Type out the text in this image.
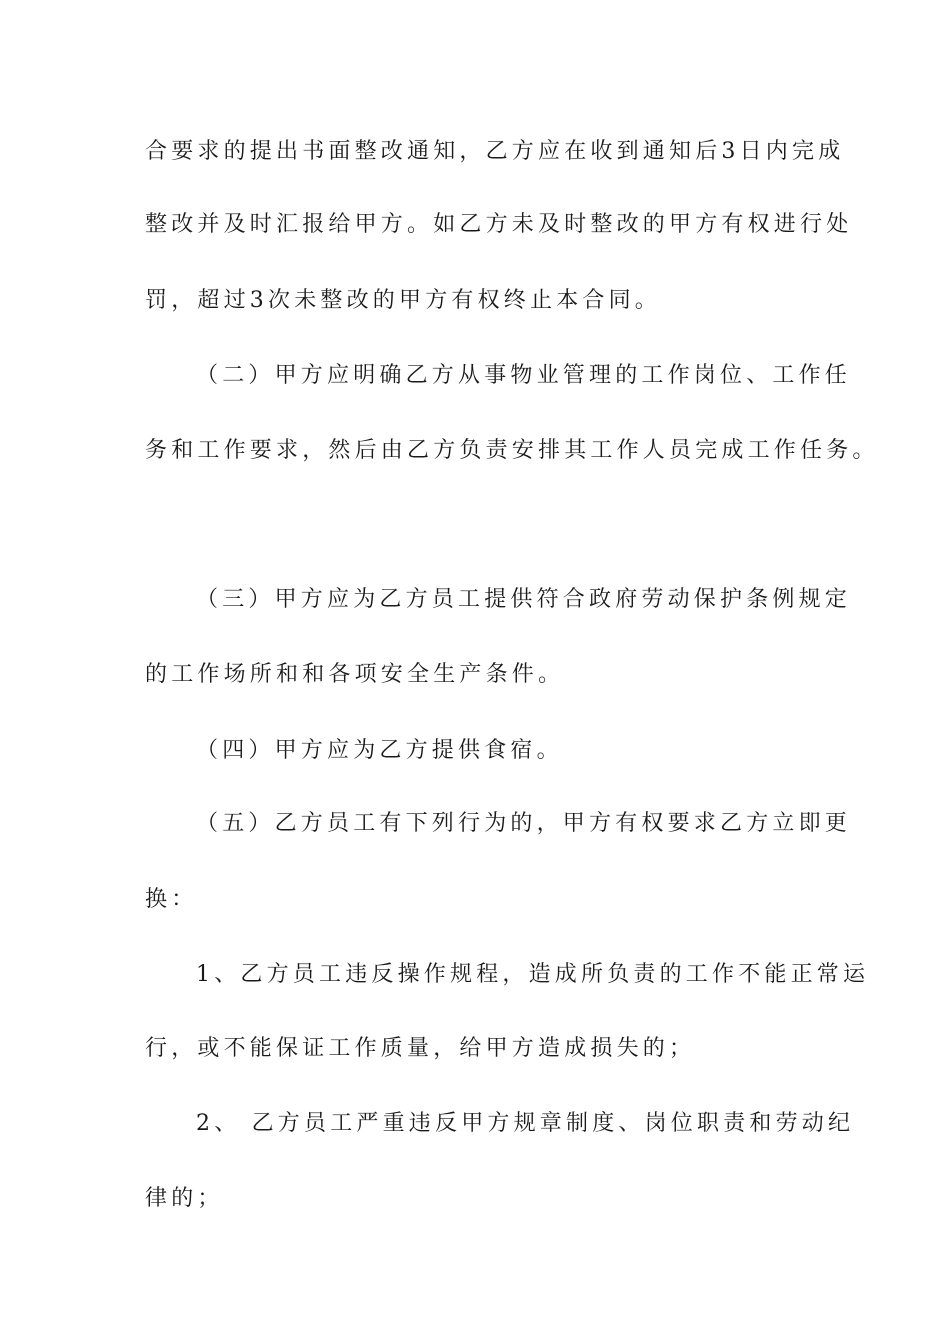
合要求的提出书面整改通知，乙方应在收到通知后3日内完成
整改并及时汇报给甲方。如乙方未及时整改的甲方有权进行处
罚，超过3次未整改的甲方有权终止本合同。
（二）甲方应明确乙方从事物业管理的工作岗位、工作任
务和工作要求，然后由乙方负责安排其工作人员完成工作任务。
（三）甲方应为乙方员工提供符合政府劳动保护条例规定
的工作场所和和各项安全生产条件。
（四）甲方应为乙方提供食宿。
（五）乙方员工有下列行为的，甲方有权要求乙方立即更
换：
1、乙方员工违反操作规程，造成所负责的工作不能正常运
行，或不能保证工作质量，给甲方造成损失的；
2、 乙方员工严重违反甲方规章制度、岗位职责和劳动纪
律的；
